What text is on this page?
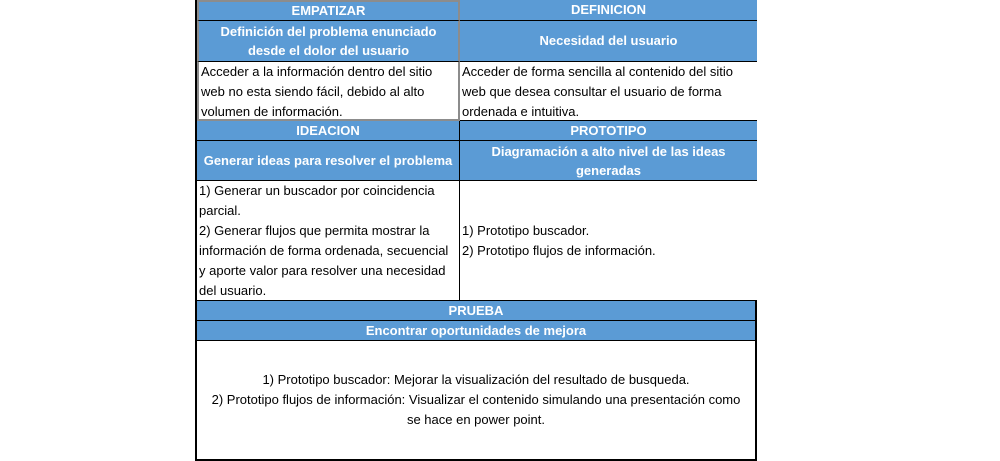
EMPATIZAR	DEFINICION
Definición del problema enunciado desde el dolor del usuario
Necesidad del usuario
Acceder a la información dentro del sitio web no esta siendo fácil, debido al alto volumen de información.
Acceder de forma sencilla al contenido del sitio web que desea consultar el usuario de forma ordenada e intuitiva.
IDEACION	PROTOTIPO
Generar ideas para resolver el problema
Diagramación a alto nivel de las ideas generadas

1) Generar un buscador por coincidencia parcial.

2) Generar flujos que permita mostrar la información de forma ordenada, secuencial y aporte valor para resolver una necesidad del usuario.

1) Prototipo buscador.

2) Prototipo flujos de información.

PRUEBA
Encontrar oportunidades de mejora

1) Prototipo buscador: Mejorar la visualización del resultado de busqueda.

2) Prototipo flujos de información: Visualizar el contenido simulando una presentación como se hace en power point.
